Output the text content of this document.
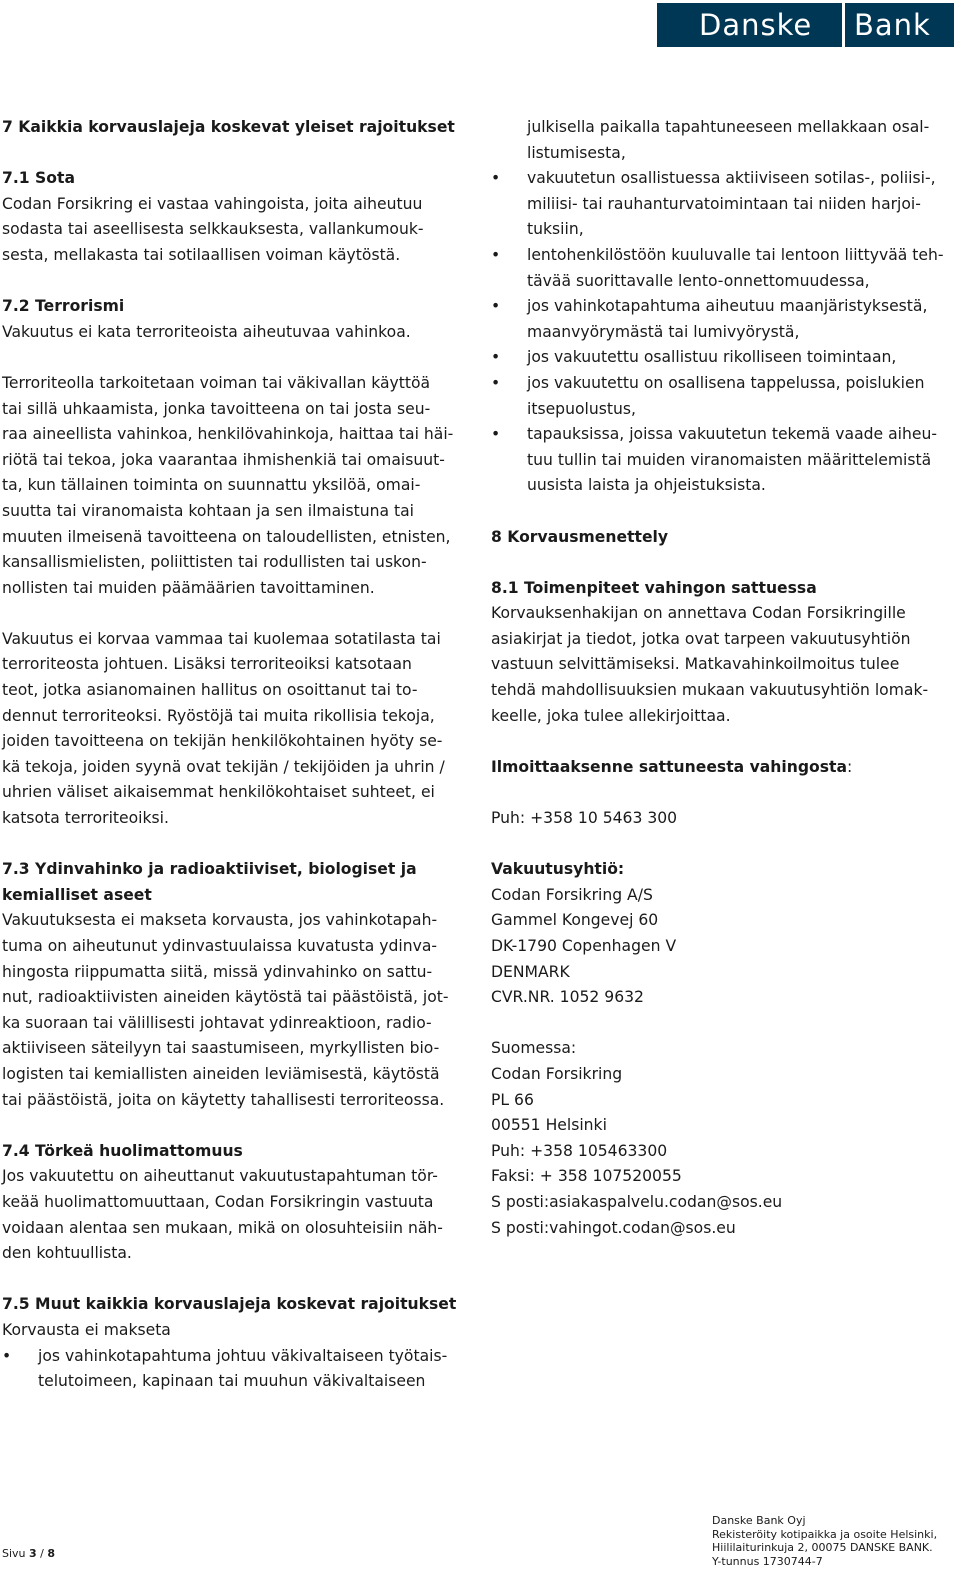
Danske	Bank
7 Kaikkia korvauslajeja koskevat yleiset rajoitukset
7.1 Sota
Codan Forsikring ei vastaa vahingoista, joita aiheutuu
sodasta tai aseellisesta selkkauksesta, vallankumouk-
sesta, mellakasta tai sotilaallisen voiman käytöstä.
7.2 Terrorismi
Vakuutus ei kata terroriteoista aiheutuvaa vahinkoa.
Terroriteolla tarkoitetaan voiman tai väkivallan käyttöä
tai sillä uhkaamista, jonka tavoitteena on tai josta seu-
raa aineellista vahinkoa, henkilövahinkoja, haittaa tai häi-
riötä tai tekoa, joka vaarantaa ihmishenkiä tai omaisuut-
ta, kun tällainen toiminta on suunnattu yksilöä, omai-
suutta tai viranomaista kohtaan ja sen ilmaistuna tai
muuten ilmeisenä tavoitteena on taloudellisten, etnisten,
kansallismielisten, poliittisten tai rodullisten tai uskon-
nollisten tai muiden päämäärien tavoittaminen.
Vakuutus ei korvaa vammaa tai kuolemaa sotatilasta tai
terroriteosta johtuen. Lisäksi terroriteoiksi katsotaan
teot, jotka asianomainen hallitus on osoittanut tai to-
dennut terroriteoksi. Ryöstöjä tai muita rikollisia tekoja,
joiden tavoitteena on tekijän henkilökohtainen hyöty se-
kä tekoja, joiden syynä ovat tekijän / tekijöiden ja uhrin /
uhrien väliset aikaisemmat henkilökohtaiset suhteet, ei
katsota terroriteoiksi.
7.3 Ydinvahinko ja radioaktiiviset, biologiset ja
kemialliset aseet
Vakuutuksesta ei makseta korvausta, jos vahinkotapah-
tuma on aiheutunut ydinvastuulaissa kuvatusta ydinva-
hingosta riippumatta siitä, missä ydinvahinko on sattu-
nut, radioaktiivisten aineiden käytöstä tai päästöistä, jot-
ka suoraan tai välillisesti johtavat ydinreaktioon, radio-
aktiiviseen säteilyyn tai saastumiseen, myrkyllisten bio-
logisten tai kemiallisten aineiden leviämisestä, käytöstä
tai päästöistä, joita on käytetty tahallisesti terroriteossa.
7.4 Törkeä huolimattomuus
Jos vakuutettu on aiheuttanut vakuutustapahtuman tör-
keää huolimattomuuttaan, Codan Forsikringin vastuuta
voidaan alentaa sen mukaan, mikä on olosuhteisiin näh-
den kohtuullista.
7.5 Muut kaikkia korvauslajeja koskevat rajoitukset
Korvausta ei makseta
• jos vahinkotapahtuma johtuu väkivaltaiseen työtais-
telutoimeen, kapinaan tai muuhun väkivaltaiseen
julkisella paikalla tapahtuneeseen mellakkaan osal-
listumisesta,
• vakuutetun osallistuessa aktiiviseen sotilas-, poliisi-,
miliisi- tai rauhanturvatoimintaan tai niiden harjoi-
tuksiin,
• lentohenkilöstöön kuuluvalle tai lentoon liittyvää teh-
tävää suorittavalle lento-onnettomuudessa,
• jos vahinkotapahtuma aiheutuu maanjäristyksestä,
maanvyörymästä tai lumivyörystä,
• jos vakuutettu osallistuu rikolliseen toimintaan,
• jos vakuutettu on osallisena tappelussa, poislukien
itsepuolustus,
• tapauksissa, joissa vakuutetun tekemä vaade aiheu-
tuu tullin tai muiden viranomaisten määrittelemistä
uusista laista ja ohjeistuksista.
8 Korvausmenettely
8.1 Toimenpiteet vahingon sattuessa
Korvauksenhakijan on annettava Codan Forsikringille
asiakirjat ja tiedot, jotka ovat tarpeen vakuutusyhtiön
vastuun selvittämiseksi. Matkavahinkoilmoitus tulee
tehdä mahdollisuuksien mukaan vakuutusyhtiön lomak-
keelle, joka tulee allekirjoittaa.
Ilmoittaaksenne sattuneesta vahingosta:
Puh: +358 10 5463 300
Vakuutusyhtiö:
Codan Forsikring A/S
Gammel Kongevej 60
DK-1790 Copenhagen V
DENMARK
CVR.NR. 1052 9632
Suomessa:
Codan Forsikring
PL 66
00551 Helsinki
Puh: +358 105463300
Faksi: + 358 107520055
S posti:asiakaspalvelu.codan@sos.eu
S posti:vahingot.codan@sos.eu
Sivu 3 / 8
Danske Bank Oyj
Rekisteröity kotipaikka ja osoite Helsinki,
Hiililaiturinkuja 2, 00075 DANSKE BANK.
Y-tunnus 1730744-7
